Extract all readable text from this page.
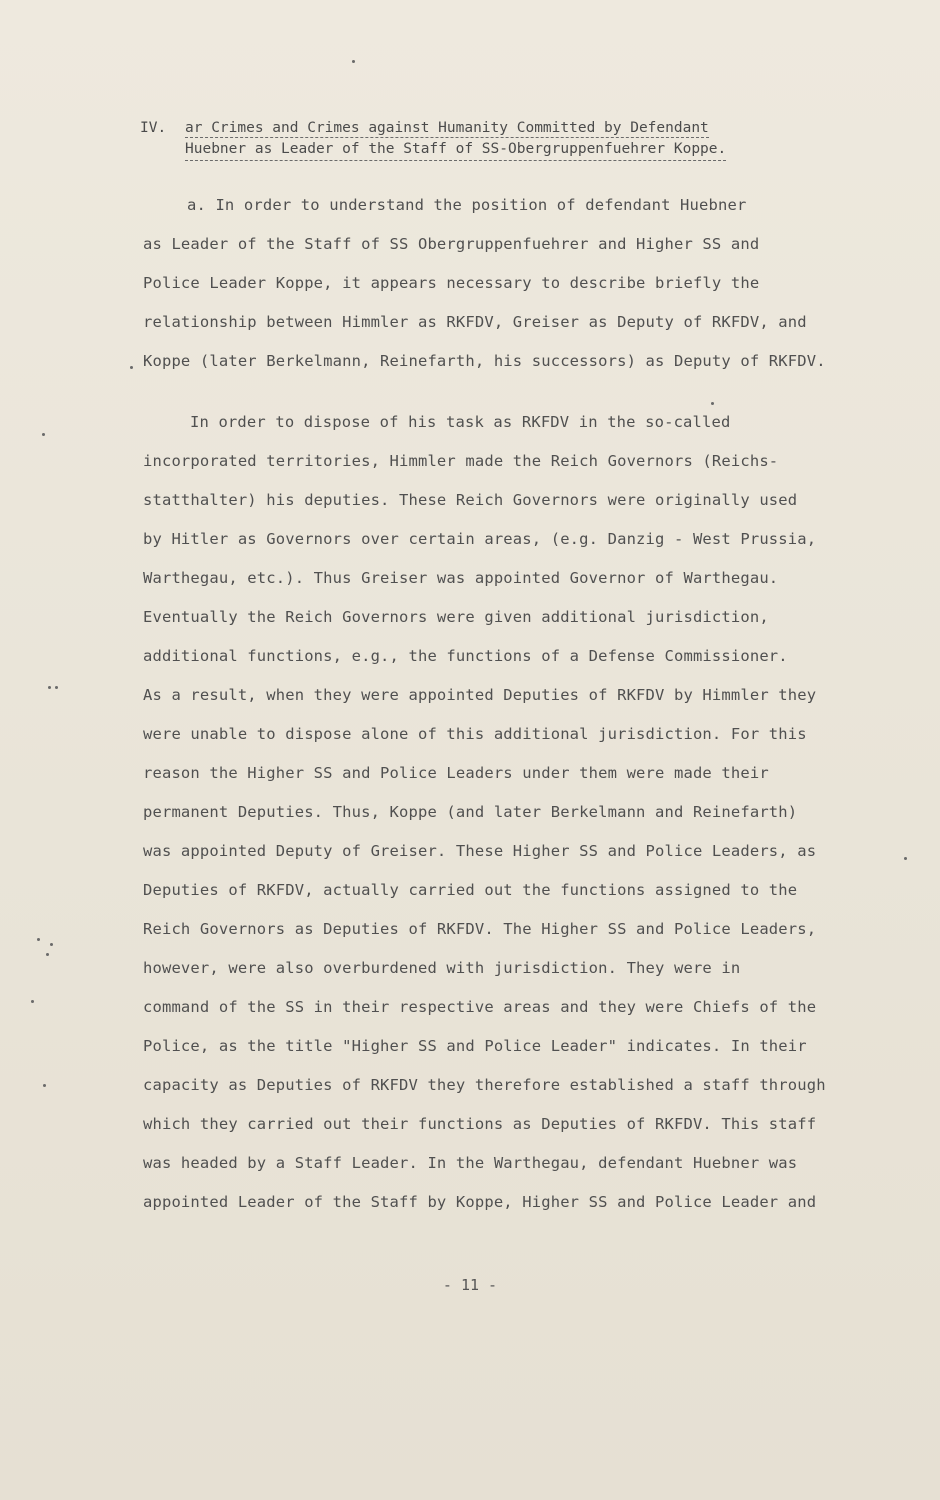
IV. ar Crimes and Crimes against Humanity Committed by Defendant
Huebner as Leader of the Staff of SS-Obergruppenfuehrer Koppe.
a. In order to understand the position of defendant Huebner
as Leader of the Staff of SS Obergruppenfuehrer and Higher SS and
Police Leader Koppe, it appears necessary to describe briefly the
relationship between Himmler as RKFDV, Greiser as Deputy of RKFDV, and
Koppe (later Berkelmann, Reinefarth, his successors) as Deputy of RKFDV.
In order to dispose of his task as RKFDV in the so-called
incorporated territories, Himmler made the Reich Governors (Reichs-
statthalter) his deputies. These Reich Governors were originally used
by Hitler as Governors over certain areas, (e.g. Danzig - West Prussia,
Warthegau, etc.). Thus Greiser was appointed Governor of Warthegau.
Eventually the Reich Governors were given additional jurisdiction,
additional functions, e.g., the functions of a Defense Commissioner.
As a result, when they were appointed Deputies of RKFDV by Himmler they
were unable to dispose alone of this additional jurisdiction. For this
reason the Higher SS and Police Leaders under them were made their
permanent Deputies. Thus, Koppe (and later Berkelmann and Reinefarth)
was appointed Deputy of Greiser. These Higher SS and Police Leaders, as
Deputies of RKFDV, actually carried out the functions assigned to the
Reich Governors as Deputies of RKFDV. The Higher SS and Police Leaders,
however, were also overburdened with jurisdiction. They were in
command of the SS in their respective areas and they were Chiefs of the
Police, as the title "Higher SS and Police Leader" indicates. In their
capacity as Deputies of RKFDV they therefore established a staff through
which they carried out their functions as Deputies of RKFDV. This staff
was headed by a Staff Leader. In the Warthegau, defendant Huebner was
appointed Leader of the Staff by Koppe, Higher SS and Police Leader and
- 11 -
